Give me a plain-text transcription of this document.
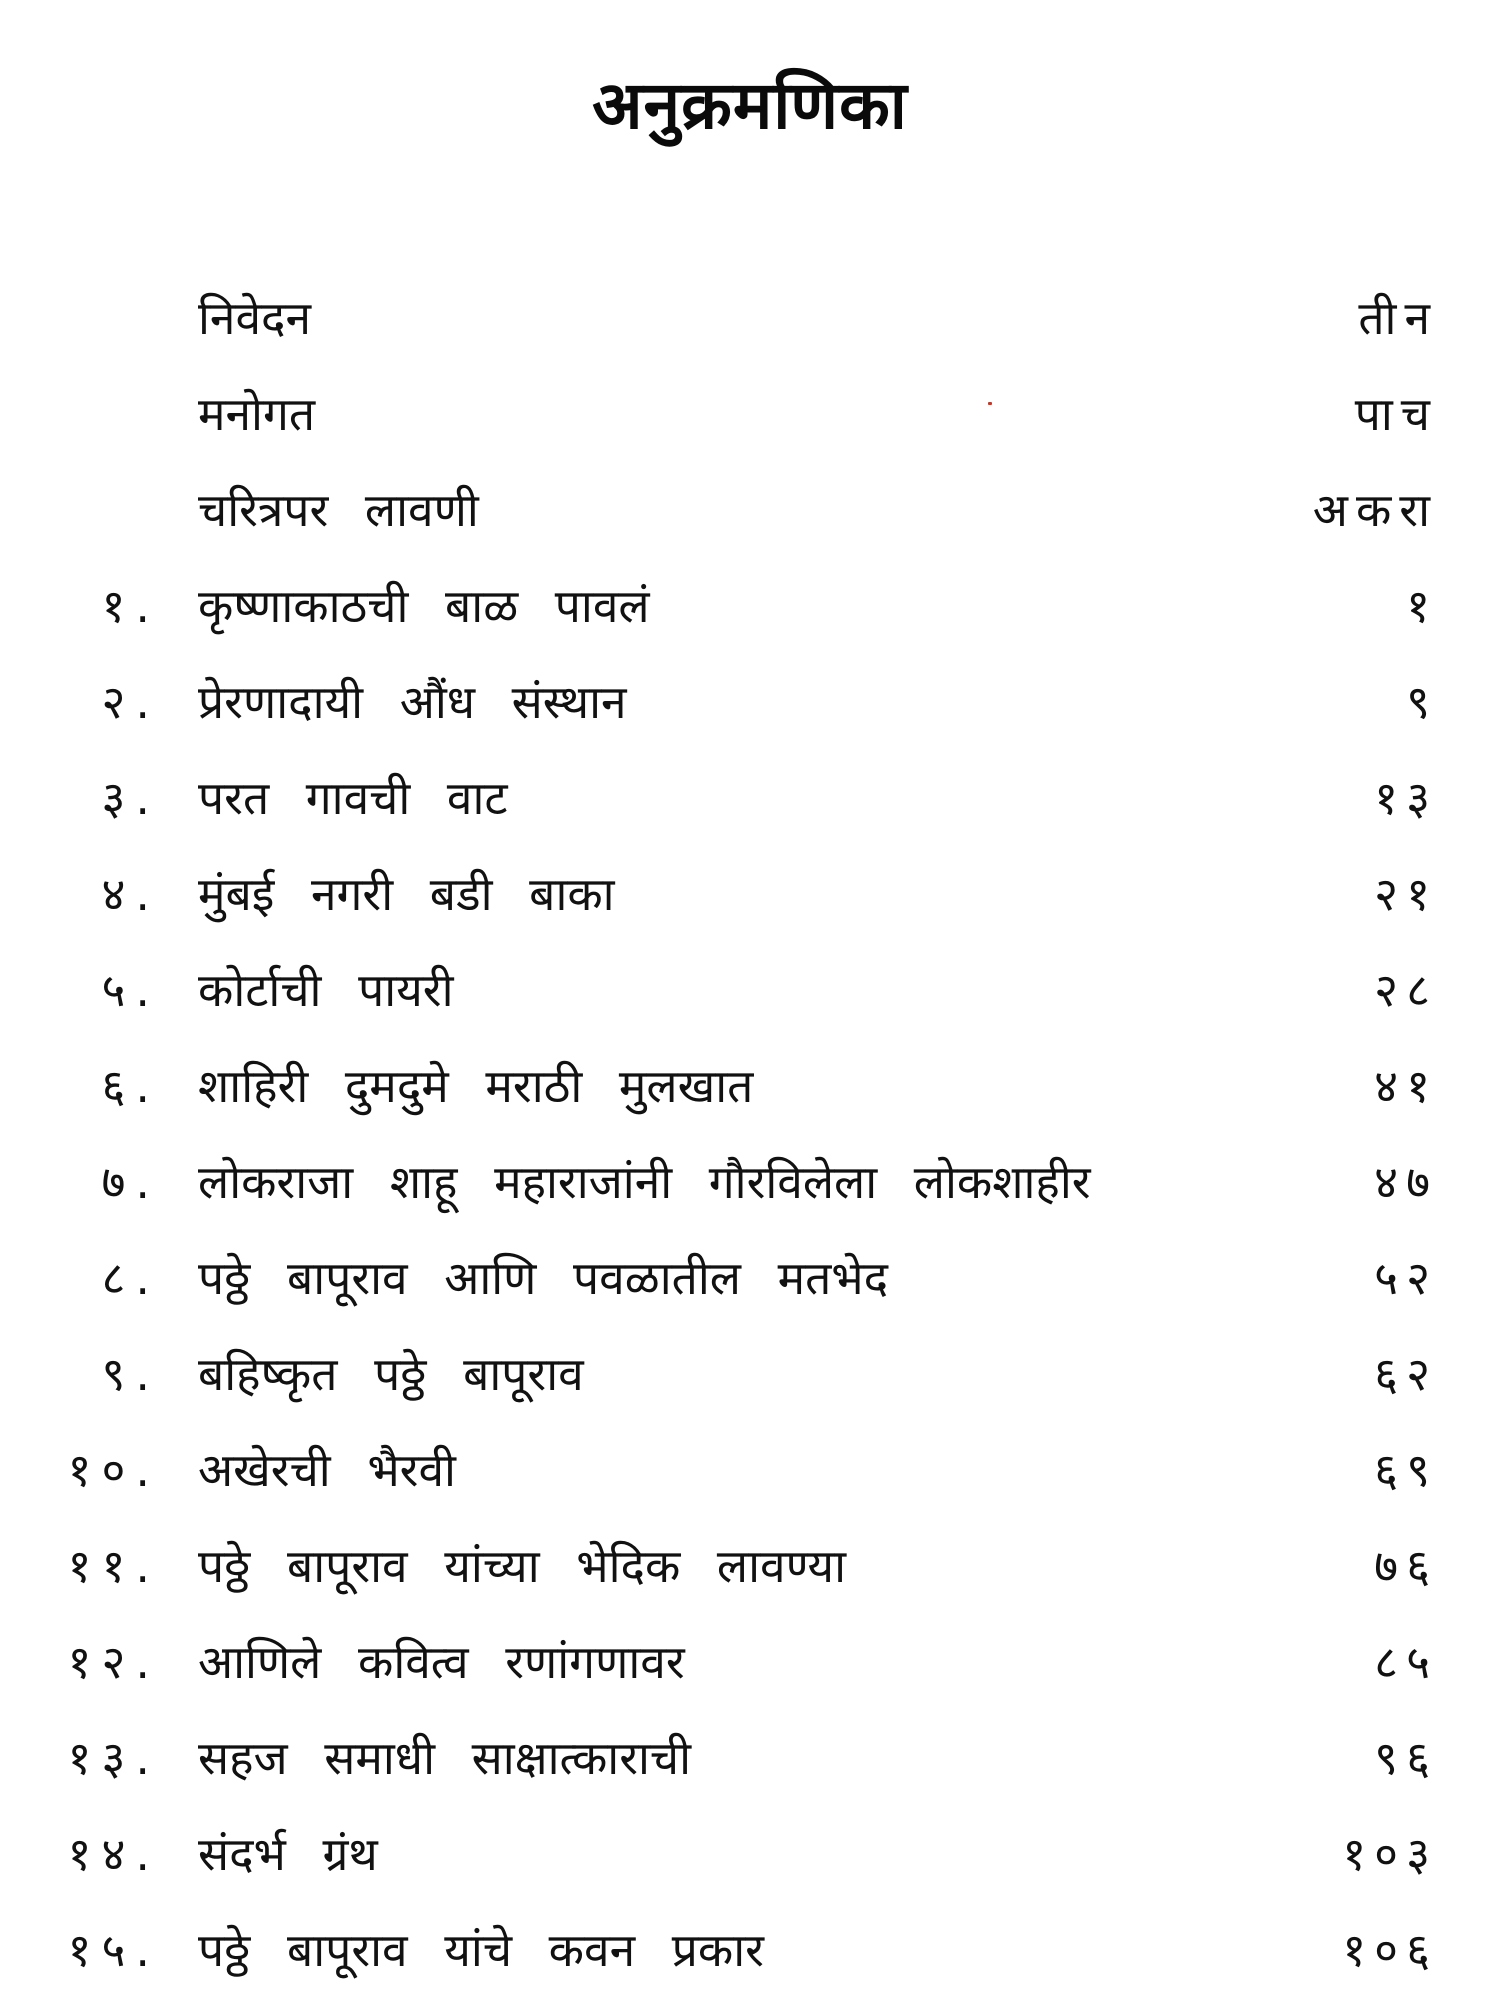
अनुक्रमणिका
निवेदन	तीन
मनोगत	पाच
चरित्रपर लावणी	अकरा
१. कृष्णाकाठची बाळ पावलं	१
२. प्रेरणादायी औंध संस्थान	९
३. परत गावची वाट	१३
४. मुंबई नगरी बडी बाका	२१
५. कोर्टाची पायरी	२८
६. शाहिरी दुमदुमे मराठी मुलखात	४१
७. लोकराजा शाहू महाराजांनी गौरविलेला लोकशाहीर	४७
८. पठ्ठे बापूराव आणि पवळातील मतभेद	५२
९. बहिष्कृत पठ्ठे बापूराव	६२
१०. अखेरची भैरवी	६९
११. पठ्ठे बापूराव यांच्या भेदिक लावण्या	७६
१२. आणिले कवित्व रणांगणावर	८५
१३. सहज समाधी साक्षात्काराची	९६
१४. संदर्भ ग्रंथ	१०३
१५. पठ्ठे बापूराव यांचे कवन प्रकार	१०६
